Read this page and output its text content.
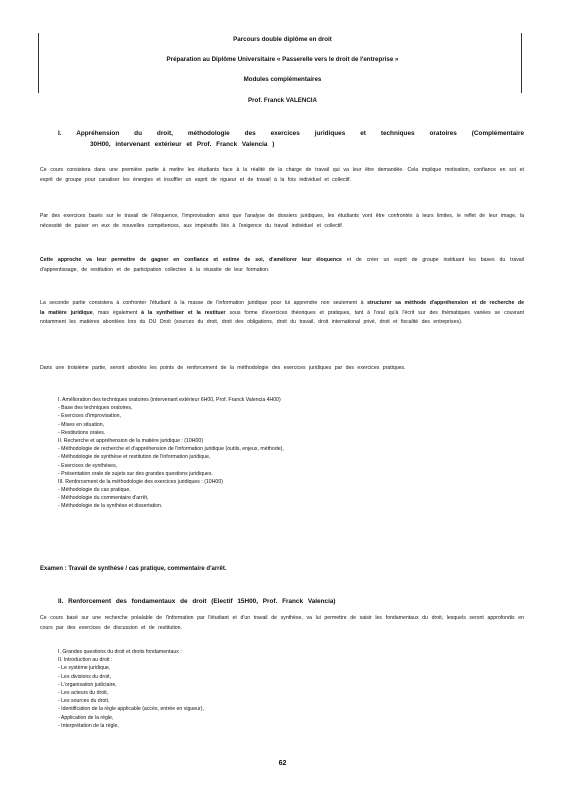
Parcours double diplôme en droit
Préparation au Diplôme Universitaire « Passerelle vers le droit de l'entreprise »
Modules complémentaires
Prof. Franck VALENCIA
I. Appréhension du droit, méthodologie des exercices juridiques et techniques oratoires (Complémentaire
30H00, intervenant extérieur et Prof. Franck Valencia )
Ce cours consistera dans une première partie à mettre les étudiants face à la réalité de la charge de travail qui va leur être demandée. Cela implique motivation, confiance en soi et esprit de groupe pour canaliser les énergies et insuffler un esprit de rigueur et de travail à la fois individuel et collectif.
Par des exercices basés sur le travail de l'éloquence, l'improvisation ainsi que l'analyse de dossiers juridiques, les étudiants vont être confrontés à leurs limites, le reflet de leur image, la nécessité de puiser en eux de nouvelles compétences, aux impératifs liés à l'exigence du travail individuel et collectif.
Cette approche va leur permettre de gagner en confiance et estime de soi, d'améliorer leur éloquence et de créer un esprit de groupe instituant les bases du travail d'apprentissage, de restitution et de participation collective à la réussite de leur formation.
La seconde partie consistera à confronter l'étudiant à la masse de l'information juridique pour lui apprendre non seulement à structurer sa méthode d'appréhension et de recherche de la matière juridique, mais également à la synthétiser et la restituer sous forme d'exercices théoriques et pratiques, tant à l'oral qu'à l'écrit sur des thématiques variées se couvrant notamment les matières abordées lors du DU Droit (sources du droit, droit des obligations, droit du travail, droit international privé, droit et fiscalité des entreprises).
Dans une troisième partie, seront abordés les points de renforcement de la méthodologie des exercices juridiques par des exercices pratiques.
I. Amélioration des techniques oratoires (intervenant extérieur 6H00, Prof. Franck Valencia 4H00)
- Base des techniques oratoires,
- Exercices d'improvisation,
- Mises en situation,
- Restitutions orales.
II. Recherche et appréhension de la matière juridique : (10H00)
- Méthodologie de recherche et d'appréhension de l'information juridique (outils, enjeux, méthode),
- Méthodologie de synthèse et restitution de l'information juridique,
- Exercices de synthèses,
- Présentation orale de sujets sur des grandes questions juridiques.
III. Renforcement de la méthodologie des exercices juridiques : (10H00)
- Méthodologie du cas pratique,
- Méthodologie du commentaire d'arrêt,
- Méthodologie de la synthèse et dissertation.
Examen : Travail de synthèse / cas pratique, commentaire d'arrêt.
II. Renforcement des fondamentaux de droit (Electif 15H00, Prof. Franck Valencia)
Ce cours basé sur une recherche préalable de l'information par l'étudiant et d'un travail de synthèse, va lui permettre de saisir les fondamentaux du droit, lesquels seront approfondis en cours par des exercices de discussion et de restitution.
I. Grandes questions du droit et droits fondamentaux :
II. Introduction au droit :
- Le système juridique,
- Les divisions du droit,
- L'organisation judiciaire,
- Les acteurs du droit,
- Les sources du droit,
- Identification de la règle applicable (accès, entrée en vigueur),
- Application de la règle,
- Interprétation de la règle,
62
